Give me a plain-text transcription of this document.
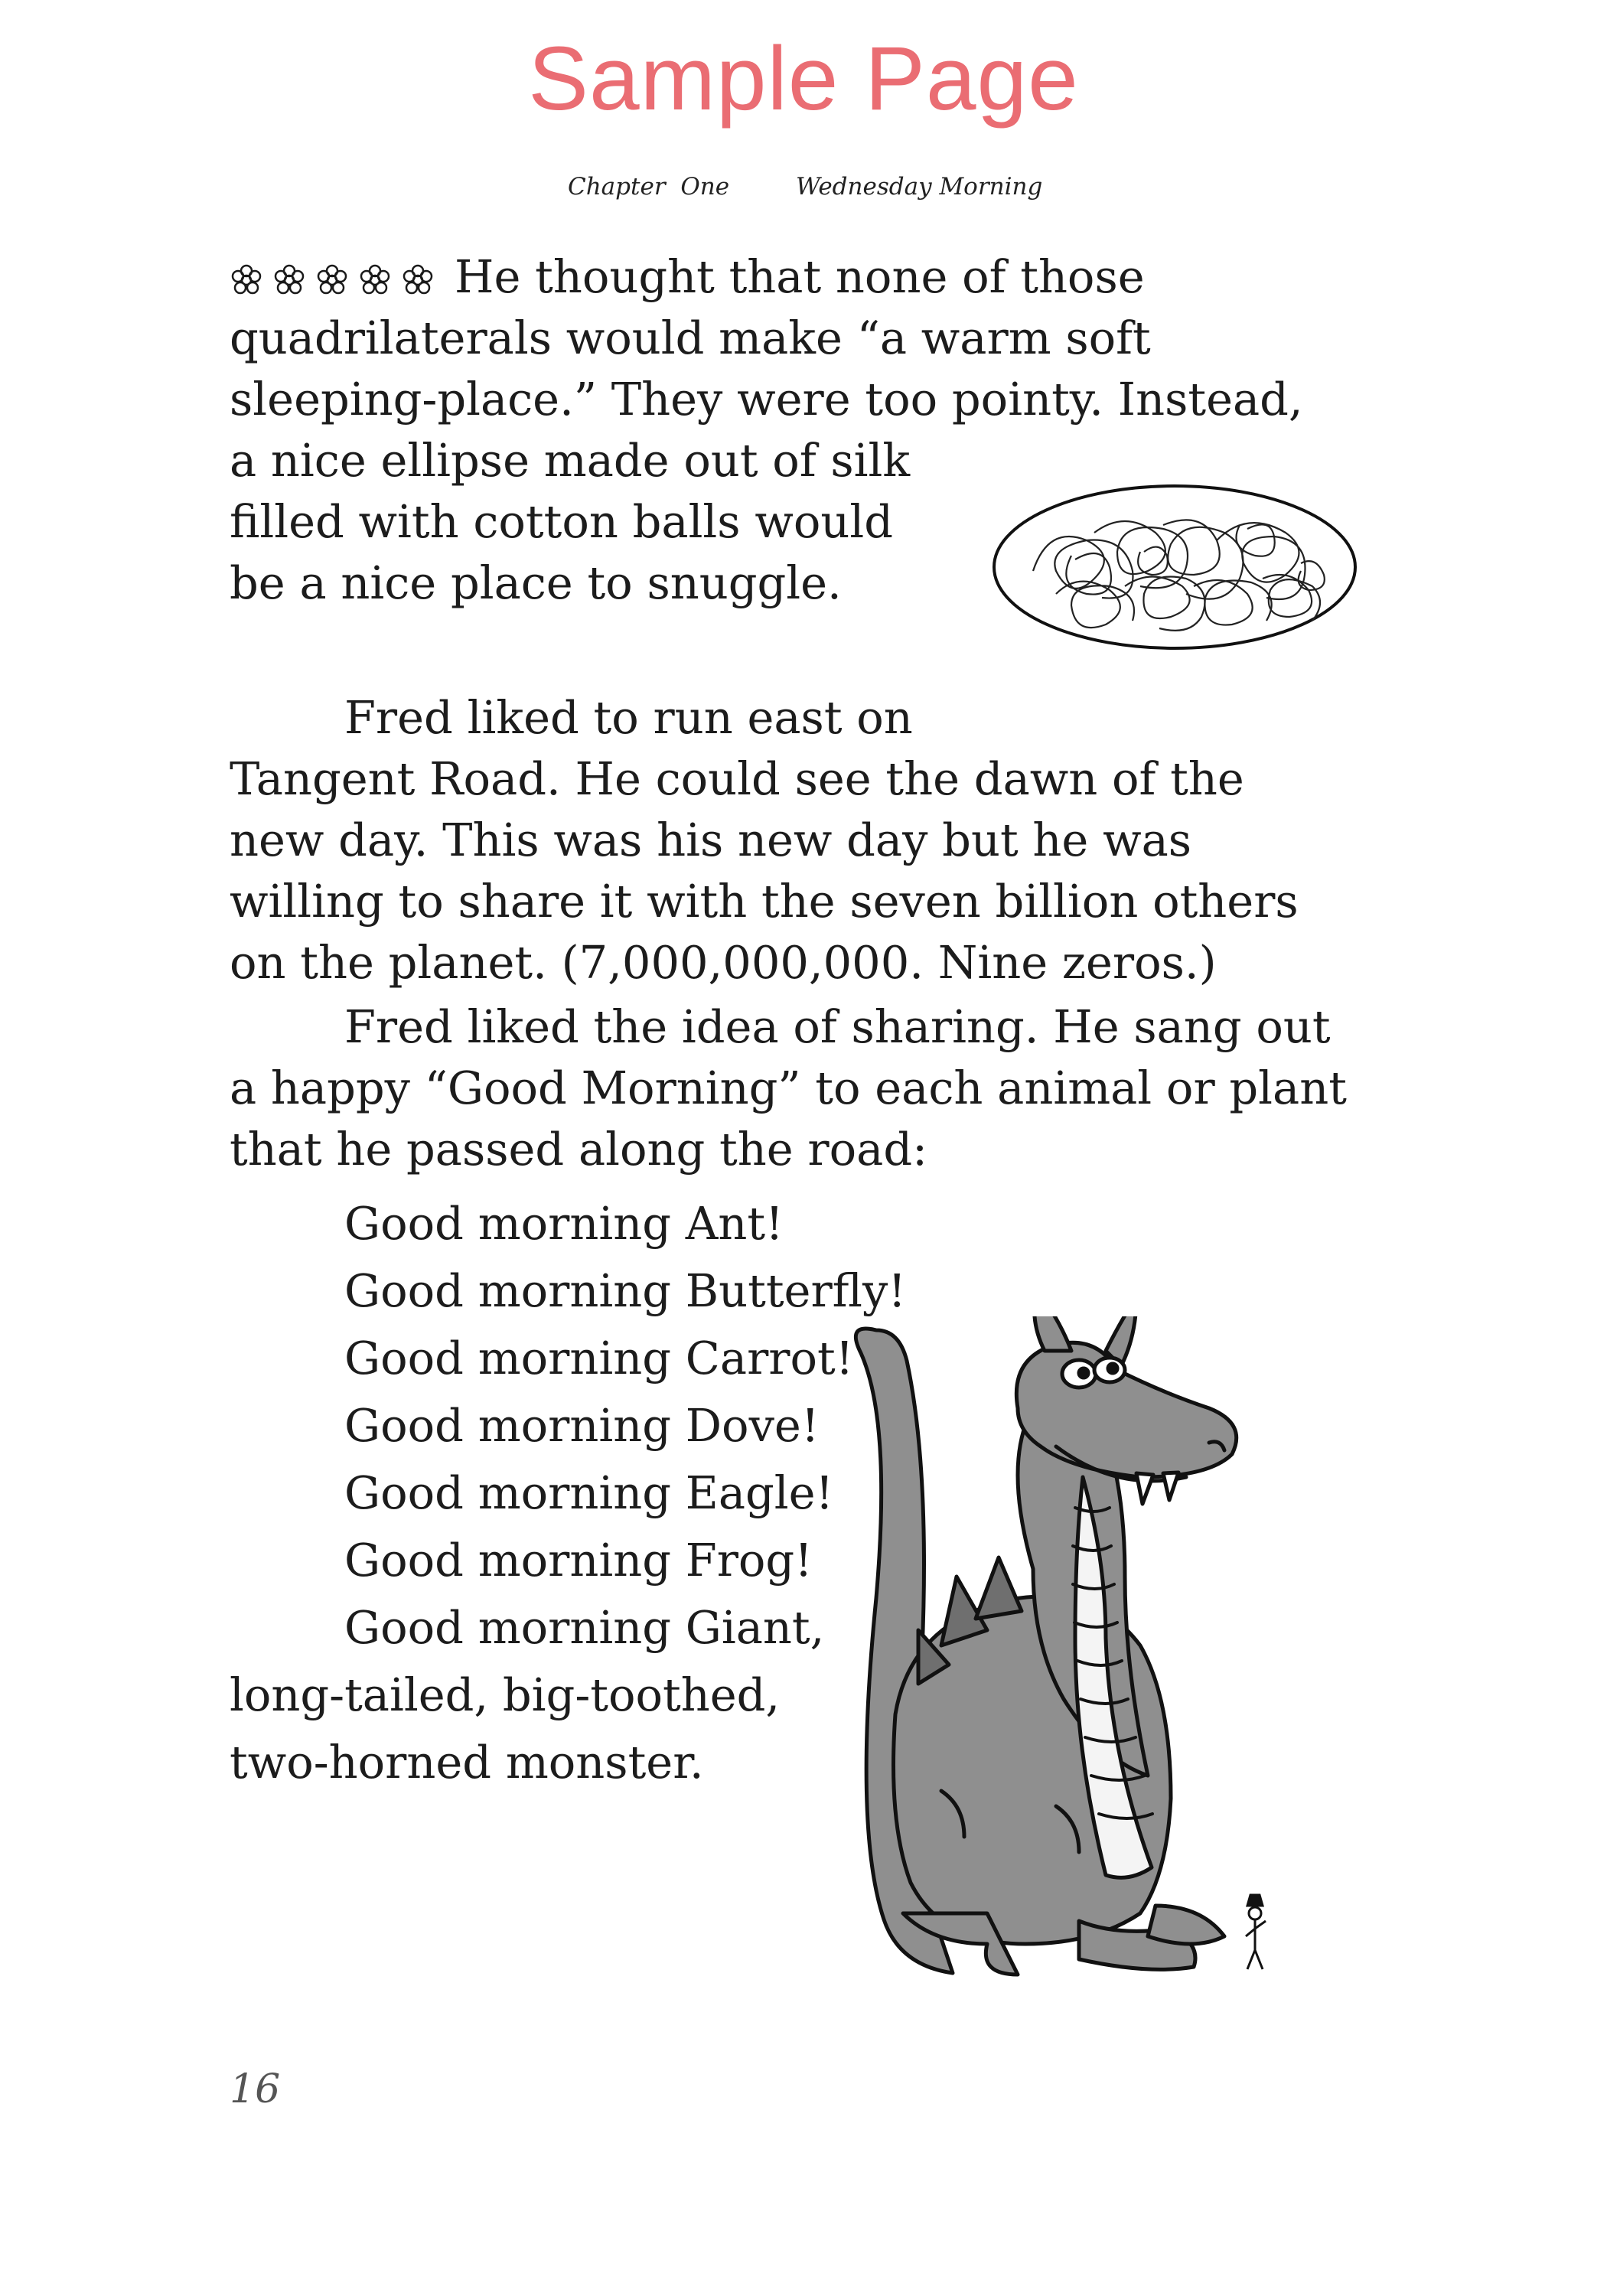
Sample Page
Chapter  One	Wednesday Morning
He thought that none of those
quadrilaterals would make “a warm soft
sleeping-place.” They were too pointy. Instead,
a nice ellipse made out of silk
filled with cotton balls would
be a nice place to snuggle.
Fred liked to run east on
Tangent Road. He could see the dawn of the
new day. This was his new day but he was
willing to share it with the seven billion others
on the planet. (7,000,000,000. Nine zeros.)
Fred liked the idea of sharing. He sang out
a happy “Good Morning” to each animal or plant
that he passed along the road:
Good morning Ant!
Good morning Butterfly!
Good morning Carrot!
Good morning Dove!
Good morning Eagle!
Good morning Frog!
Good morning Giant,
long-tailed, big-toothed,
two-horned monster.
16
